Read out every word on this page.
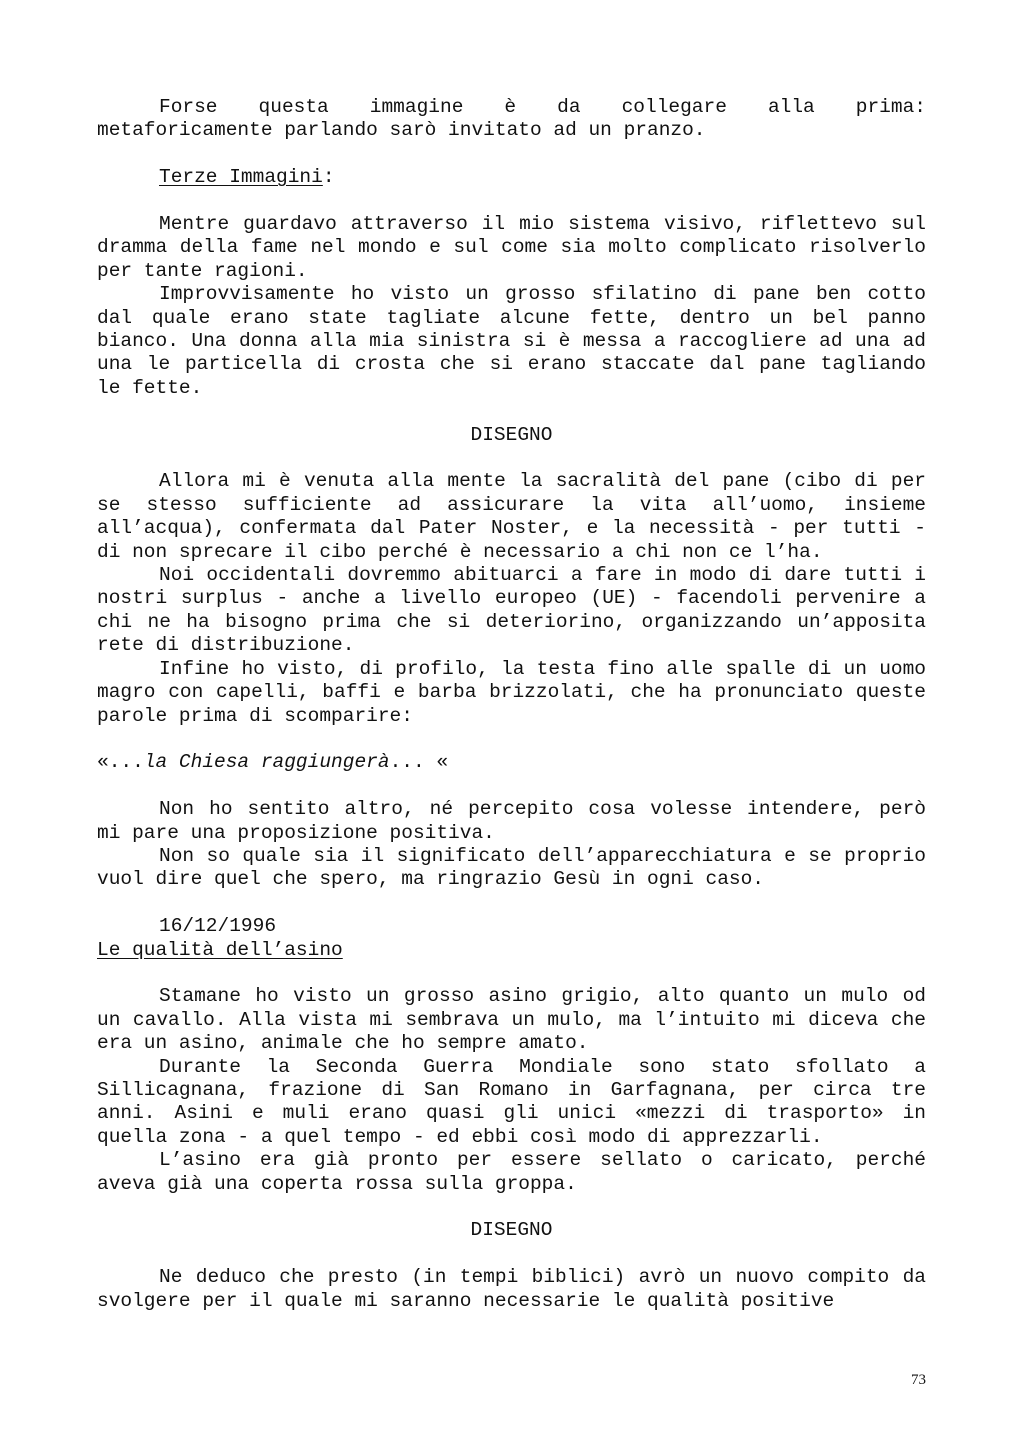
Forse questa immagine è da collegare alla prima:

metaforicamente parlando sarò invitato ad un pranzo.

Terze Immagini:

Mentre guardavo attraverso il mio sistema visivo, riflettevo sul dramma della fame nel mondo e sul come sia molto complicato risolverlo per tante ragioni.

Improvvisamente ho visto un grosso sfilatino di pane ben cotto dal quale erano state tagliate alcune fette, dentro un bel panno bianco. Una donna alla mia sinistra si è messa a raccogliere ad una ad una le particella di crosta che si erano staccate dal pane tagliando le fette.

DISEGNO

Allora mi è venuta alla mente la sacralità del pane (cibo di per se stesso sufficiente ad assicurare la vita all’uomo, insieme all’acqua), confermata dal Pater Noster, e la necessità - per tutti - di non sprecare il cibo perché è necessario a chi non ce l’ha.

Noi occidentali dovremmo abituarci a fare in modo di dare tutti i nostri surplus - anche a livello europeo (UE) - facendoli pervenire a chi ne ha bisogno prima che si deteriorino, organizzando un’apposita rete di distribuzione.

Infine ho visto, di profilo, la testa fino alle spalle di un uomo magro con capelli, baffi e barba brizzolati, che ha pronunciato queste parole prima di scomparire:

«...la Chiesa raggiungerà... «

Non ho sentito altro, né percepito cosa volesse intendere, però mi pare una proposizione positiva.

Non so quale sia il significato dell’apparecchiatura e se proprio vuol dire quel che spero, ma ringrazio Gesù in ogni caso.

16/12/1996

Le qualità dell’asino

Stamane ho visto un grosso asino grigio, alto quanto un mulo od un cavallo. Alla vista mi sembrava un mulo, ma l’intuito mi diceva che era un asino, animale che ho sempre amato.

Durante la Seconda Guerra Mondiale sono stato sfollato a Sillicagnana, frazione di San Romano in Garfagnana, per circa tre anni. Asini e muli erano quasi gli unici «mezzi di trasporto» in quella zona - a quel tempo - ed ebbi così modo di apprezzarli.

L’asino era già pronto per essere sellato o caricato, perché aveva già una coperta rossa sulla groppa.

DISEGNO

Ne deduco che presto (in tempi biblici) avrò un nuovo compito da svolgere per il quale mi saranno necessarie le qualità positive

73
